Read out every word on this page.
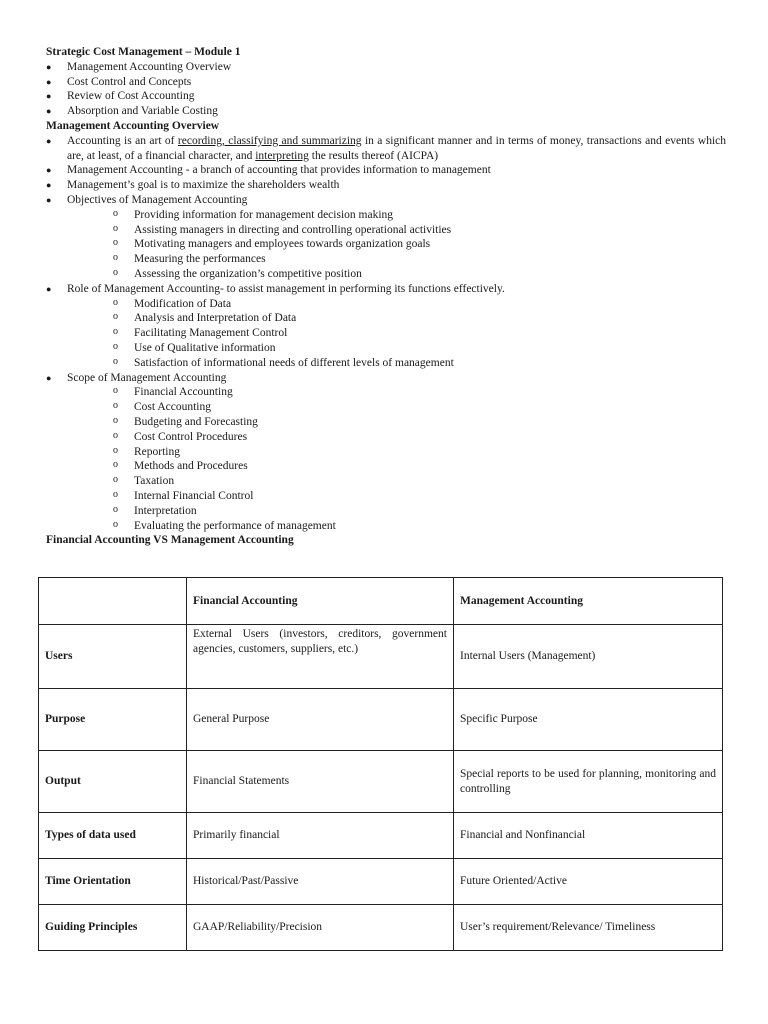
Strategic Cost Management – Module 1

● Management Accounting Overview
● Cost Control and Concepts
● Review of Cost Accounting
● Absorption and Variable Costing

Management Accounting Overview

● Accounting is an art of recording, classifying and summarizing in a significant manner and in terms of money, transactions and events which are, at least, of a financial character, and interpreting the results thereof (AICPA)
● Management Accounting - a branch of accounting that provides information to management
● Management’s goal is to maximize the shareholders wealth
● Objectives of Management Accounting
o Providing information for management decision making
o Assisting managers in directing and controlling operational activities
o Motivating managers and employees towards organization goals
o Measuring the performances
o Assessing the organization’s competitive position
● Role of Management Accounting- to assist management in performing its functions effectively.
o Modification of Data
o Analysis and Interpretation of Data
o Facilitating Management Control
o Use of Qualitative information
o Satisfaction of informational needs of different levels of management
● Scope of Management Accounting
o Financial Accounting
o Cost Accounting
o Budgeting and Forecasting
o Cost Control Procedures
o Reporting
o Methods and Procedures
o Taxation
o Internal Financial Control
o Interpretation
o Evaluating the performance of management

Financial Accounting VS Management Accounting

	Financial Accounting	Management Accounting
Users	External Users (investors, creditors, government agencies, customers, suppliers, etc.)	Internal Users (Management)
Purpose	General Purpose	Specific Purpose
Output	Financial Statements	Special reports to be used for planning, monitoring and controlling
Types of data used	Primarily financial	Financial and Nonfinancial
Time Orientation	Historical/Past/Passive	Future Oriented/Active
Guiding Principles	GAAP/Reliability/Precision	User’s requirement/Relevance/ Timeliness
